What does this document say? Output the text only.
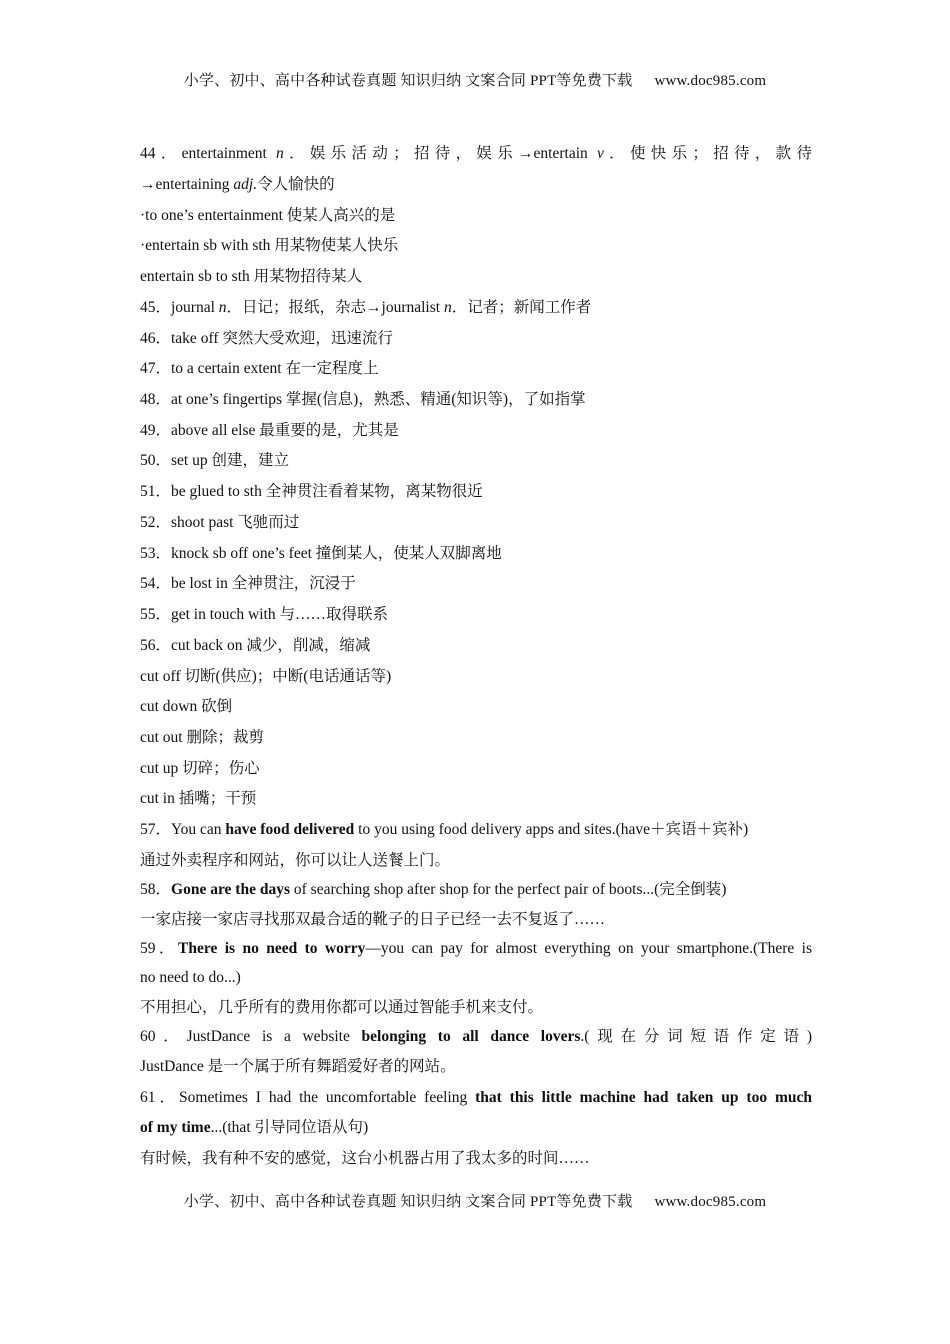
小学、初中、高中各种试卷真题 知识归纳 文案合同 PPT等免费下载 www.doc985.com
44．entertainment n．娱乐活动；招待，娱乐→entertain v．使快乐；招待，款待
→entertaining adj.令人愉快的
·to one’s entertainment 使某人高兴的是
·entertain sb with sth 用某物使某人快乐
entertain sb to sth 用某物招待某人
45．journal n．日记；报纸，杂志→journalist n．记者；新闻工作者
46．take off 突然大受欢迎，迅速流行
47．to a certain extent 在一定程度上
48．at one’s fingertips 掌握(信息)，熟悉、精通(知识等)，了如指掌
49．above all else 最重要的是，尤其是
50．set up 创建，建立
51．be glued to sth 全神贯注看着某物，离某物很近
52．shoot past 飞驰而过
53．knock sb off one’s feet 撞倒某人，使某人双脚离地
54．be lost in 全神贯注，沉浸于
55．get in touch with 与……取得联系
56．cut back on 减少，削减，缩减
cut off 切断(供应)；中断(电话通话等)
cut down 砍倒
cut out 删除；裁剪
cut up 切碎；伤心
cut in 插嘴；干预
57．You can have food delivered to you using food delivery apps and sites.(have＋宾语＋宾补)
通过外卖程序和网站，你可以让人送餐上门。
58．Gone are the days of searching shop after shop for the perfect pair of boots...(完全倒装)
一家店接一家店寻找那双最合适的靴子的日子已经一去不复返了……
59．There is no need to worry—you can pay for almost everything on your smartphone.(There is
no need to do...)
不用担心，几乎所有的费用你都可以通过智能手机来支付。
60．JustDance is a website belonging to all dance lovers.(现在分词短语作定语)
JustDance 是一个属于所有舞蹈爱好者的网站。
61．Sometimes I had the uncomfortable feeling that this little machine had taken up too much
of my time...(that 引导同位语从句)
有时候，我有种不安的感觉，这台小机器占用了我太多的时间……
小学、初中、高中各种试卷真题 知识归纳 文案合同 PPT等免费下载 www.doc985.com
